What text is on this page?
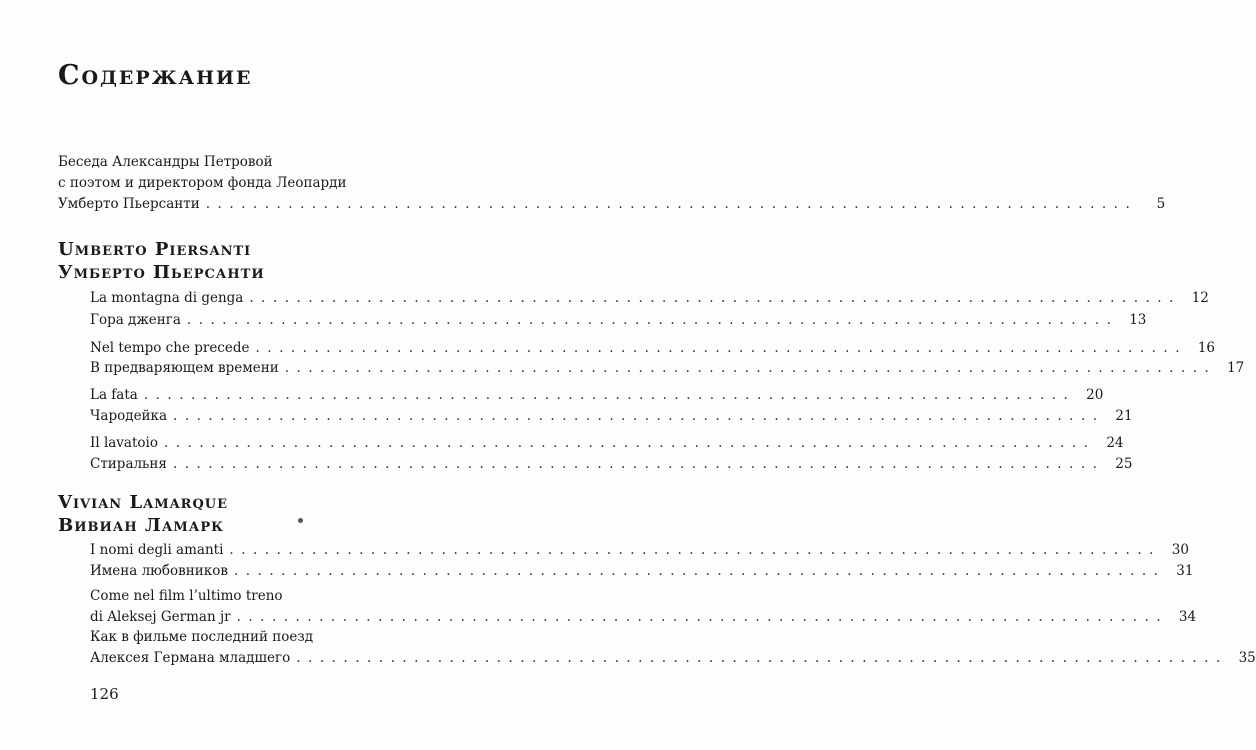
Содержание
Беседа Александры Петровой
с поэтом и директором фонда Леопарди
Умберто Пьерсанти ...............................................................................	5
Umberto Piersanti
Умберто Пьерсанти
La montagna di genga ............................................................................... 12
Гора дженга ............................................................................... 13
Nel tempo che precede ............................................................................... 16
В предваряющем времени ............................................................................... 17
La fata ............................................................................... 20
Чародейка ............................................................................... 21
Il lavatoio ............................................................................... 24
Стиральня ............................................................................... 25
Vivian Lamarque
Вивиан Ламарк
I nomi degli amanti ............................................................................... 30
Имена любовников ............................................................................... 31
Come nel film l’ultimo treno
di Aleksej German jr ............................................................................... 34
Как в фильме последний поезд
Алексея Германа младшего ............................................................................... 35
126
